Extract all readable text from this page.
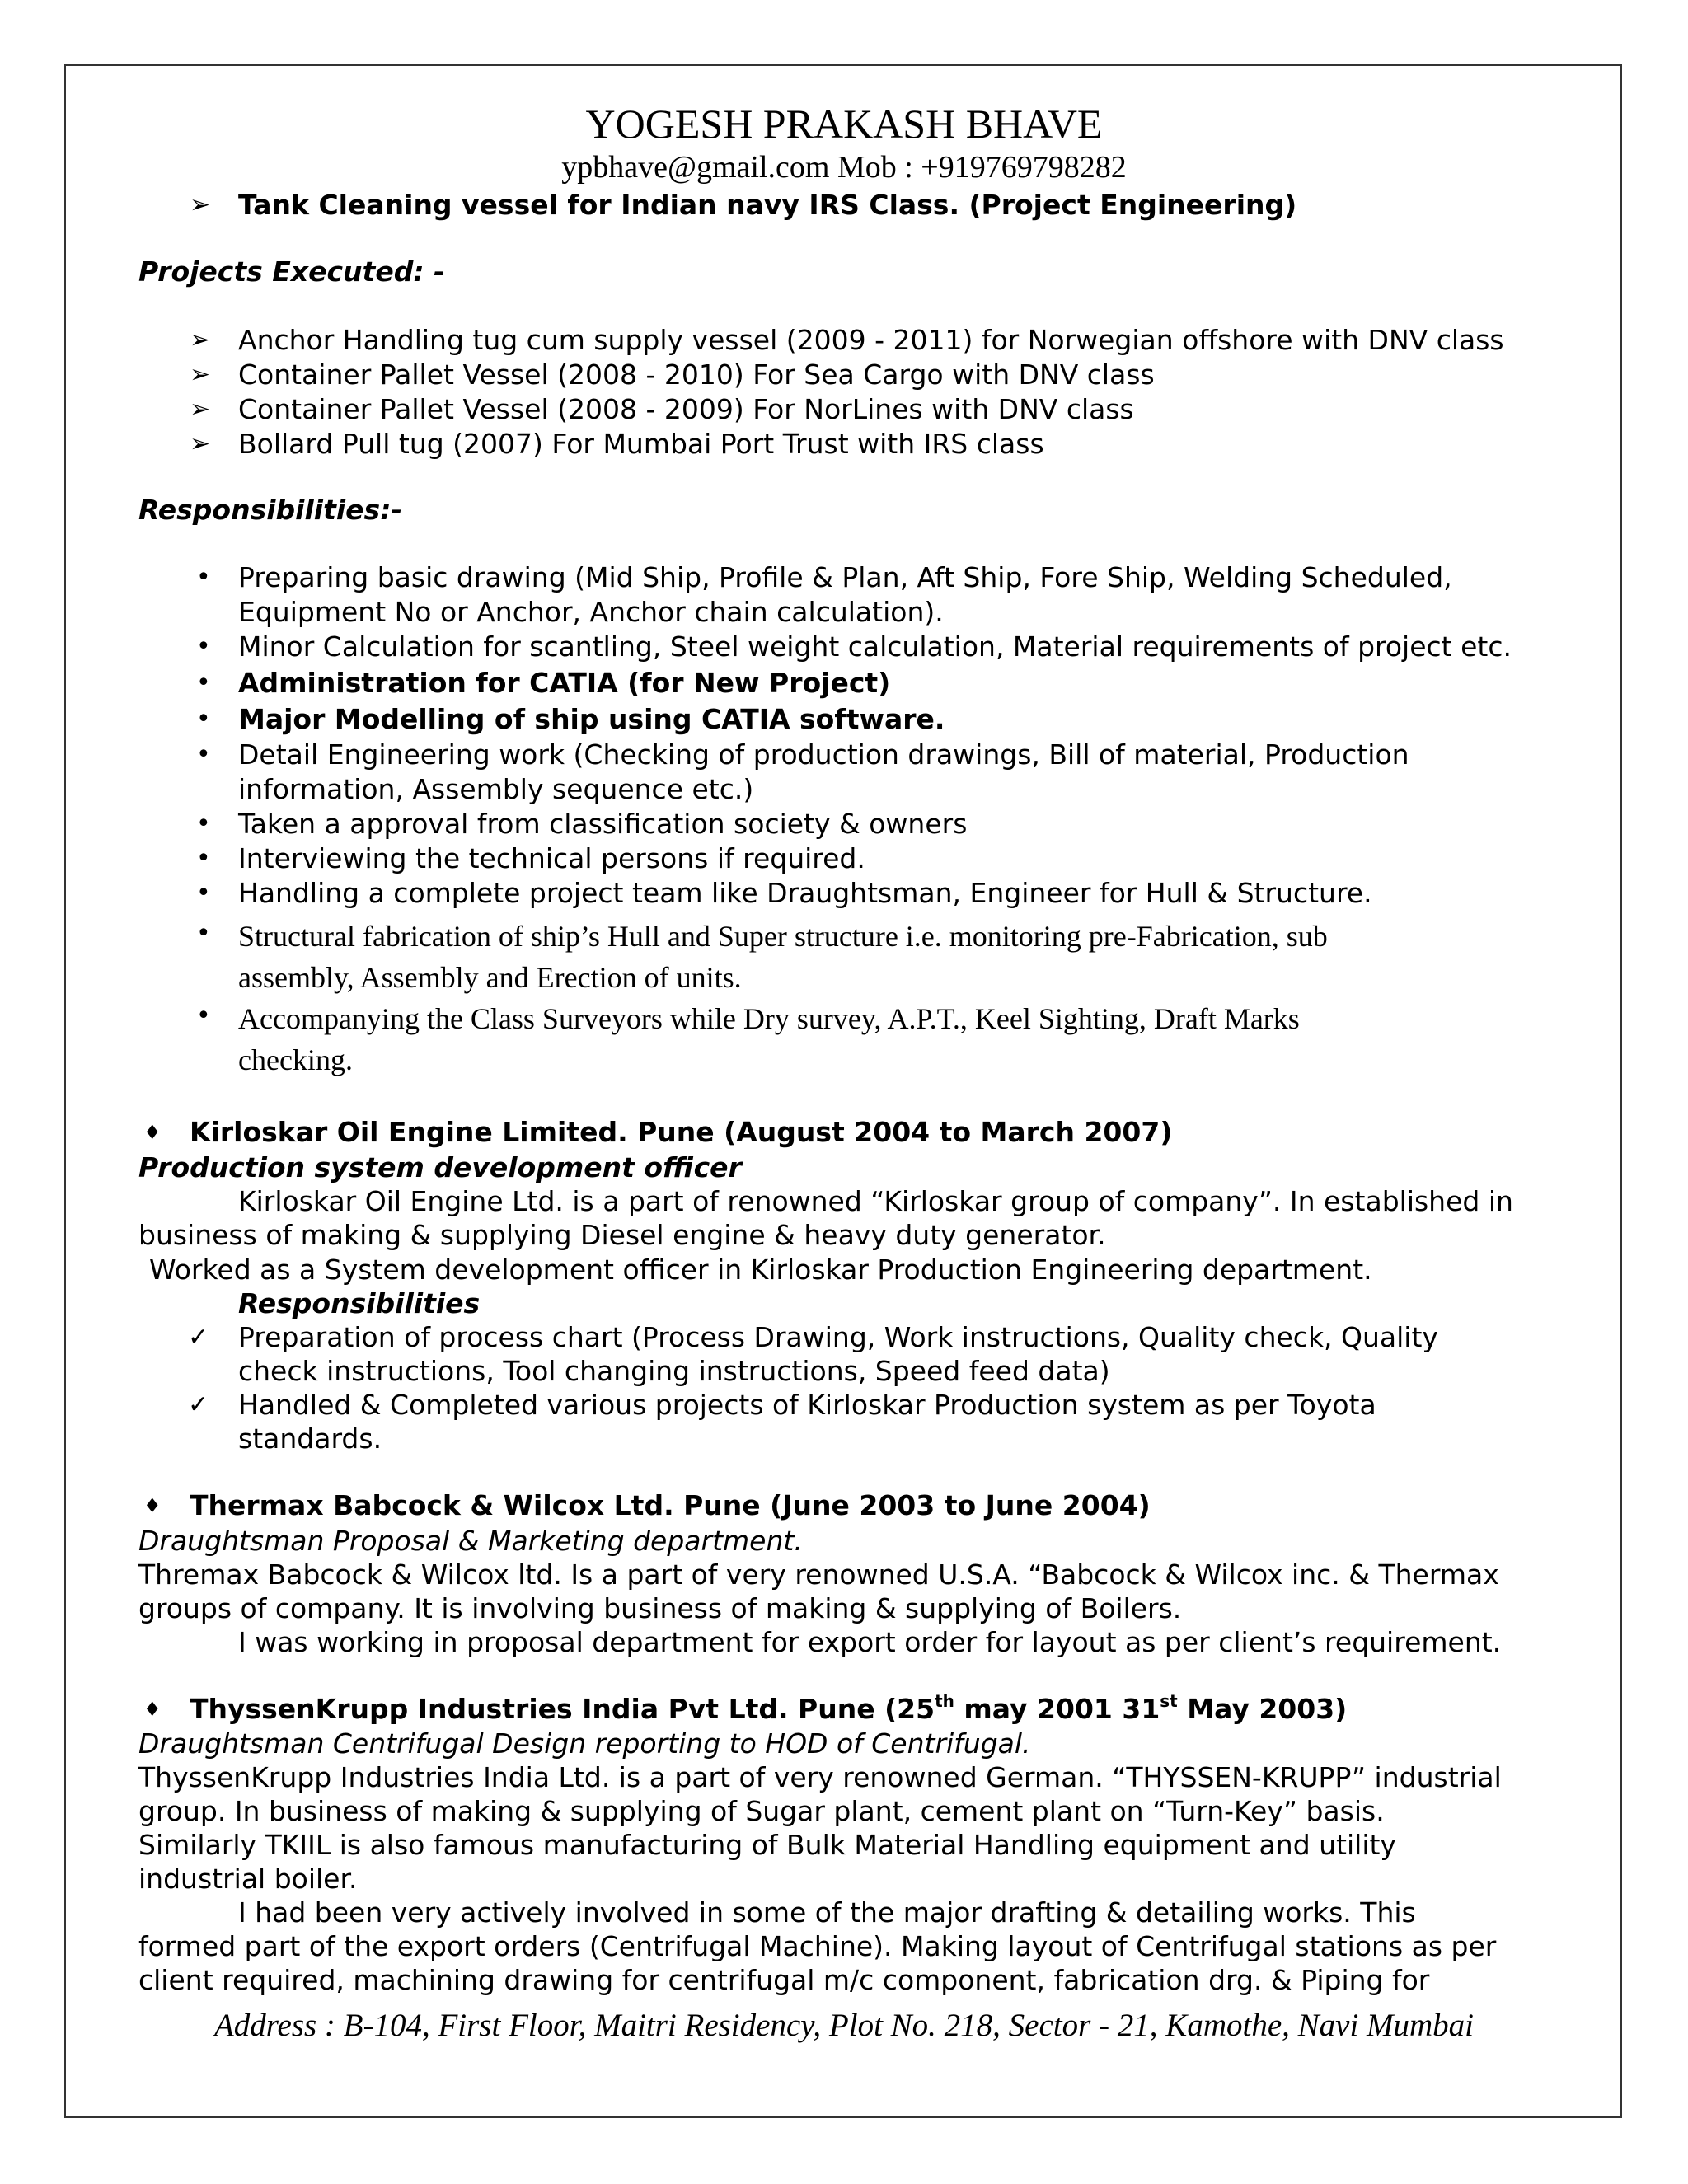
YOGESH PRAKASH BHAVE
ypbhave@gmail.com Mob : +919769798282
➢ Tank Cleaning vessel for Indian navy IRS Class. (Project Engineering)
Projects Executed: -
➢ Anchor Handling tug cum supply vessel (2009 - 2011) for Norwegian offshore with DNV class
➢ Container Pallet Vessel (2008 - 2010) For Sea Cargo with DNV class
➢ Container Pallet Vessel (2008 - 2009) For NorLines with DNV class
➢ Bollard Pull tug (2007) For Mumbai Port Trust with IRS class
Responsibilities:-
• Preparing basic drawing (Mid Ship, Profile & Plan, Aft Ship, Fore Ship, Welding Scheduled,
Equipment No or Anchor, Anchor chain calculation).
• Minor Calculation for scantling, Steel weight calculation, Material requirements of project etc.
• Administration for CATIA (for New Project)
• Major Modelling of ship using CATIA software.
• Detail Engineering work (Checking of production drawings, Bill of material, Production
information, Assembly sequence etc.)
• Taken a approval from classification society & owners
• Interviewing the technical persons if required.
• Handling a complete project team like Draughtsman, Engineer for Hull & Structure.
• Structural fabrication of ship’s Hull and Super structure i.e. monitoring pre-Fabrication, sub
assembly, Assembly and Erection of units.
• Accompanying the Class Surveyors while Dry survey, A.P.T., Keel Sighting, Draft Marks
checking.
♦ Kirloskar Oil Engine Limited. Pune (August 2004 to March 2007)
Production system development officer
Kirloskar Oil Engine Ltd. is a part of renowned “Kirloskar group of company”. In established in
business of making & supplying Diesel engine & heavy duty generator.
Worked as a System development officer in Kirloskar Production Engineering department.
Responsibilities
✓ Preparation of process chart (Process Drawing, Work instructions, Quality check, Quality
check instructions, Tool changing instructions, Speed feed data)
✓ Handled & Completed various projects of Kirloskar Production system as per Toyota
standards.
♦ Thermax Babcock & Wilcox Ltd. Pune (June 2003 to June 2004)
Draughtsman Proposal & Marketing department.
Thremax Babcock & Wilcox ltd. Is a part of very renowned U.S.A. “Babcock & Wilcox inc. & Thermax
groups of company. It is involving business of making & supplying of Boilers.
I was working in proposal department for export order for layout as per client’s requirement.
♦ ThyssenKrupp Industries India Pvt Ltd. Pune (25th may 2001 31st May 2003)
Draughtsman Centrifugal Design reporting to HOD of Centrifugal.
ThyssenKrupp Industries India Ltd. is a part of very renowned German. “THYSSEN-KRUPP” industrial
group. In business of making & supplying of Sugar plant, cement plant on “Turn-Key” basis.
Similarly TKIIL is also famous manufacturing of Bulk Material Handling equipment and utility
industrial boiler.
I had been very actively involved in some of the major drafting & detailing works. This
formed part of the export orders (Centrifugal Machine). Making layout of Centrifugal stations as per
client required, machining drawing for centrifugal m/c component, fabrication drg. & Piping for
Address : B-104, First Floor, Maitri Residency, Plot No. 218, Sector - 21, Kamothe, Navi Mumbai
